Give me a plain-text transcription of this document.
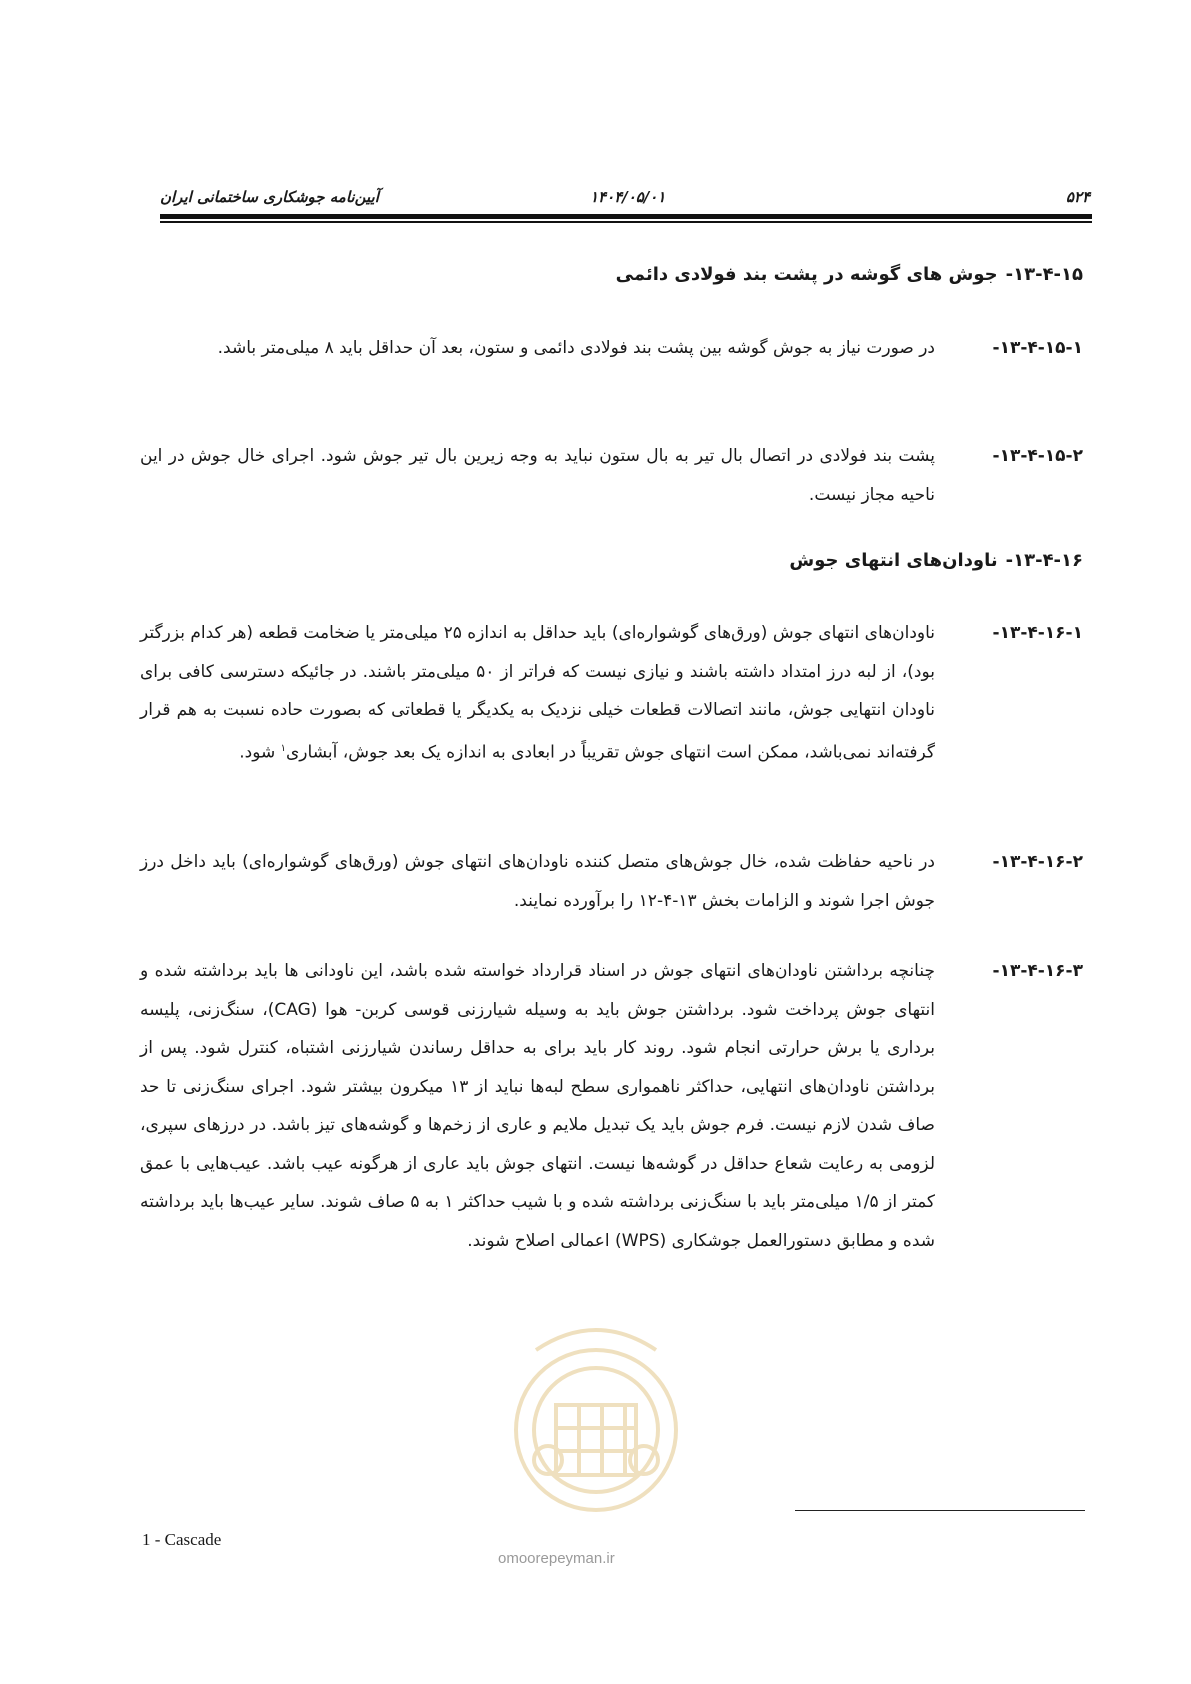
۵۲۴
۱۴۰۴/۰۵/۰۱
آیین‌نامه جوشکاری ساختمانی ایران
۱۳-۴-۱۵-جوش های گوشه در پشت بند فولادی دائمی
۱۳-۴-۱۵-۱-
در صورت نیاز به جوش گوشه بین پشت بند فولادی دائمی و ستون، بعد آن حداقل باید ۸ میلی‌متر باشد.
۱۳-۴-۱۵-۲-
پشت بند فولادی در اتصال بال تیر به بال ستون نباید به وجه زیرین بال تیر جوش شود. اجرای خال جوش در این ناحیه مجاز نیست.
۱۳-۴-۱۶-ناودان‌های انتهای جوش
۱۳-۴-۱۶-۱-
ناودان‌های انتهای جوش (ورق‌های گوشواره‌ای) باید حداقل به اندازه ۲۵ میلی‌متر یا ضخامت قطعه (هر کدام بزرگتر بود)، از لبه درز امتداد داشته باشند و نیازی نیست که فراتر از ۵۰ میلی‌متر باشند. در جائیکه دسترسی کافی برای ناودان انتهایی جوش، مانند اتصالات قطعات خیلی نزدیک به یکدیگر یا قطعاتی که بصورت حاده نسبت به هم قرار گرفته‌اند نمی‌باشد، ممکن است انتهای جوش تقریباً در ابعادی به اندازه یک بعد جوش، آبشاری$^۱$ شود.
۱۳-۴-۱۶-۲-
در ناحیه حفاظت شده، خال جوش‌های متصل کننده ناودان‌های انتهای جوش (ورق‌های گوشواره‌ای) باید داخل درز جوش اجرا شوند و الزامات بخش ۱۳-۴-۱۲ را برآورده نمایند.
۱۳-۴-۱۶-۳-
چنانچه برداشتن ناودان‌های انتهای جوش در اسناد قرارداد خواسته شده باشد، این ناودانی ها باید برداشته شده و انتهای جوش پرداخت شود. برداشتن جوش باید به وسیله شیارزنی قوسی کربن- هوا (CAG)، سنگ‌زنی، پلیسه برداری یا برش حرارتی انجام شود. روند کار باید برای به حداقل رساندن شیارزنی اشتباه، کنترل شود. پس از برداشتن ناودان‌های انتهایی، حداکثر ناهمواری سطح لبه‌ها نباید از ۱۳ میکرون بیشتر شود. اجرای سنگ‌زنی تا حد صاف شدن لازم نیست. فرم جوش باید یک تبدیل ملایم و عاری از زخم‌ها و گوشه‌های تیز باشد. در درزهای سپری، لزومی به رعایت شعاع حداقل در گوشه‌ها نیست. انتهای جوش باید عاری از هرگونه عیب باشد. عیب‌هایی با عمق کمتر از ۱/۵ میلی‌متر باید با سنگ‌زنی برداشته شده و با شیب حداکثر ۱ به ۵ صاف شوند. سایر عیب‌ها باید برداشته شده و مطابق دستورالعمل جوشکاری (WPS) اعمالی اصلاح شوند.
omoorepeyman.ir
1 - Cascade
